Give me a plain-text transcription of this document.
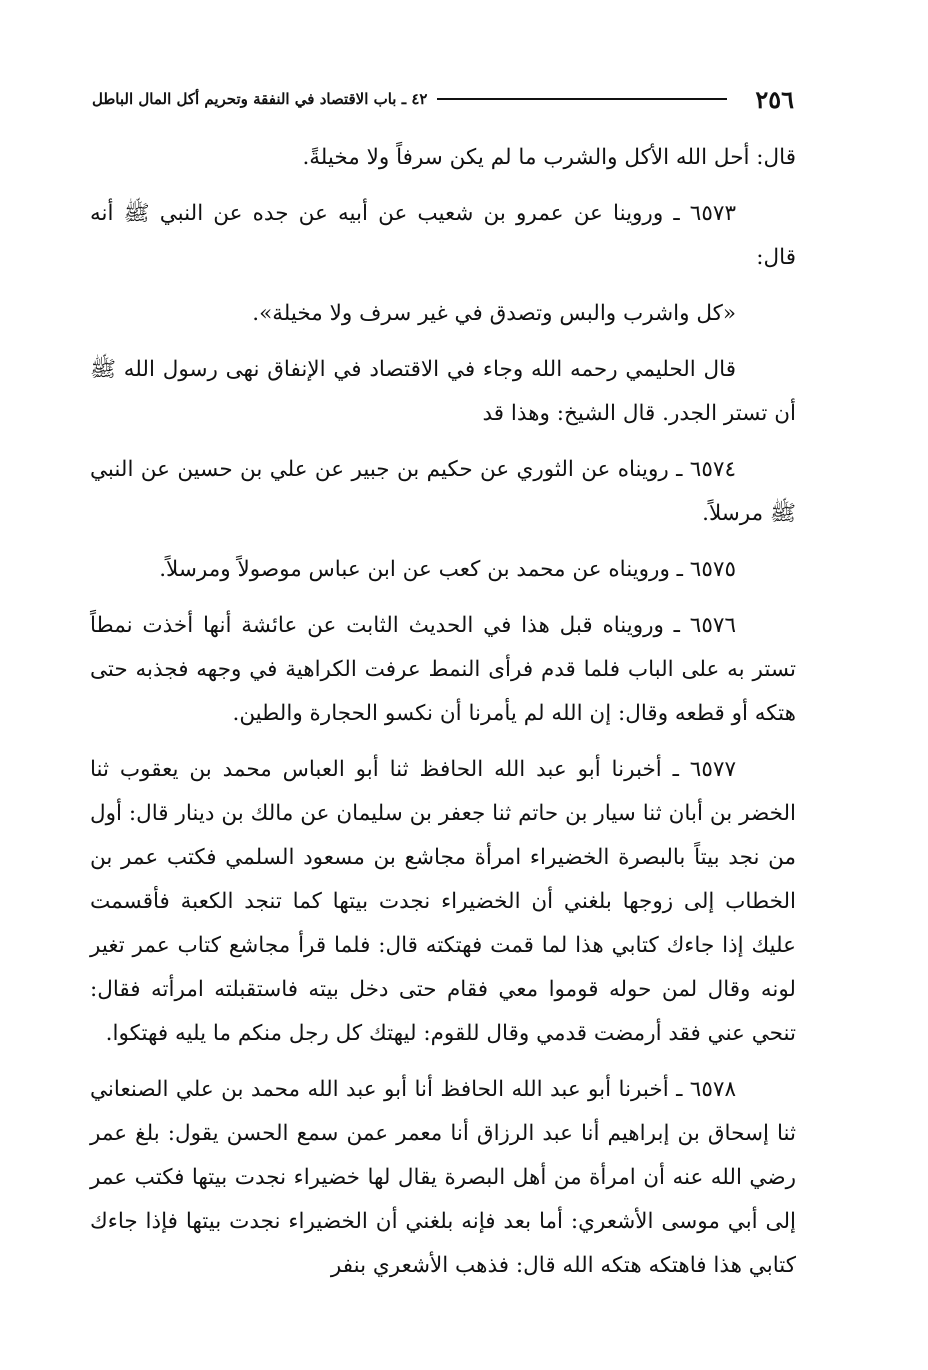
٢٥٦
٤٢ ـ باب الاقتصاد في النفقة وتحريم أكل المال الباطل

قال: أحل الله الأكل والشرب ما لم يكن سرفاً ولا مخيلةً.

٦٥٧٣ ـ وروينا عن عمرو بن شعيب عن أبيه عن جده عن النبي ﷺ أنه قال:

«كل واشرب والبس وتصدق في غير سرف ولا مخيلة».

قال الحليمي رحمه الله وجاء في الاقتصاد في الإنفاق نهى رسول الله ﷺ أن تستر الجدر. قال الشيخ: وهذا قد

٦٥٧٤ ـ رويناه عن الثوري عن حكيم بن جبير عن علي بن حسين عن النبي ﷺ مرسلاً.

٦٥٧٥ ـ ورويناه عن محمد بن كعب عن ابن عباس موصولاً ومرسلاً.

٦٥٧٦ ـ ورويناه قبل هذا في الحديث الثابت عن عائشة أنها أخذت نمطاً تستر به على الباب فلما قدم فرأى النمط عرفت الكراهية في وجهه فجذبه حتى هتكه أو قطعه وقال: إن الله لم يأمرنا أن نكسو الحجارة والطين.

٦٥٧٧ ـ أخبرنا أبو عبد الله الحافظ ثنا أبو العباس محمد بن يعقوب ثنا الخضر بن أبان ثنا سيار بن حاتم ثنا جعفر بن سليمان عن مالك بن دينار قال: أول من نجد بيتاً بالبصرة الخضيراء امرأة مجاشع بن مسعود السلمي فكتب عمر بن الخطاب إلى زوجها بلغني أن الخضيراء نجدت بيتها كما تنجد الكعبة فأقسمت عليك إذا جاءك كتابي هذا لما قمت فهتكته قال: فلما قرأ مجاشع كتاب عمر تغير لونه وقال لمن حوله قوموا معي فقام حتى دخل بيته فاستقبلته امرأته فقال: تنحي عني فقد أرمضت قدمي وقال للقوم: ليهتك كل رجل منكم ما يليه فهتكوا.

٦٥٧٨ ـ أخبرنا أبو عبد الله الحافظ أنا أبو عبد الله محمد بن علي الصنعاني ثنا إسحاق بن إبراهيم أنا عبد الرزاق أنا معمر عمن سمع الحسن يقول: بلغ عمر رضي الله عنه أن امرأة من أهل البصرة يقال لها خضيراء نجدت بيتها فكتب عمر إلى أبي موسى الأشعري: أما بعد فإنه بلغني أن الخضيراء نجدت بيتها فإذا جاءك كتابي هذا فاهتكه هتكه الله قال: فذهب الأشعري بنفر
